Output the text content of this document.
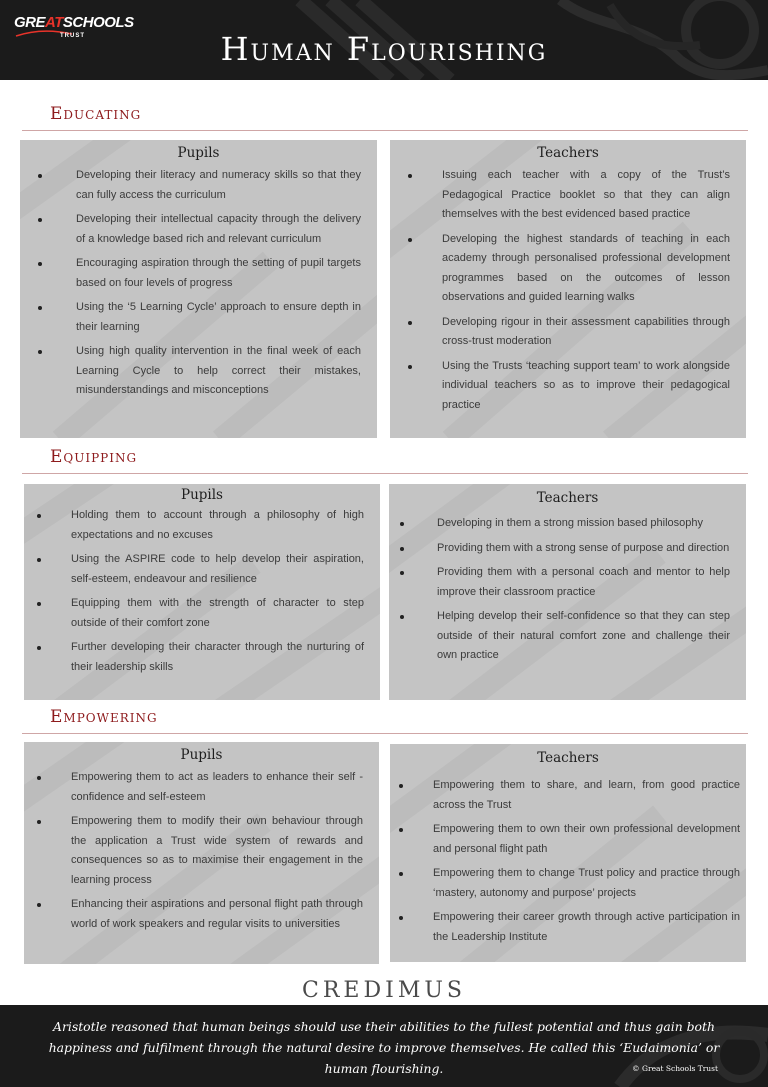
GREATSCHOOLS
TRUST	Human Flourishing
Educating
Pupils
Developing their literacy and numeracy skills so that they can fully access the curriculum
Developing their intellectual capacity through the delivery of a knowledge based rich and relevant curriculum
Encouraging aspiration through the setting of pupil targets based on four levels of progress
Using the ‘5 Learning Cycle’ approach to ensure depth in their learning
Using high quality intervention in the final week of each Learning Cycle to help correct their mistakes, misunderstandings and misconceptions
Teachers
Issuing each teacher with a copy of the Trust’s Pedagogical Practice booklet so that they can align themselves with the best evidenced based practice
Developing the highest standards of teaching in each academy through personalised professional development programmes based on the outcomes of lesson observations and guided learning walks
Developing rigour in their assessment capabilities through cross-trust moderation
Using the Trusts ‘teaching support team’ to work alongside individual teachers so as to improve their pedagogical practice
Equipping
Pupils
Holding them to account through a philosophy of high expectations and no excuses
Using the ASPIRE code to help develop their aspiration, self-esteem, endeavour and resilience
Equipping them with the strength of character to step outside of their comfort zone
Further developing their character through the nurturing of their leadership skills
Teachers
Developing in them a strong mission based philosophy
Providing them with a strong sense of purpose and direction
Providing them with a personal coach and mentor to help improve their classroom practice
Helping develop their self-confidence so that they can step outside of their natural comfort zone and challenge their own practice
Empowering
Pupils
Empowering them to act as leaders to enhance their self -confidence and self-esteem
Empowering them to modify their own behaviour through the application a Trust wide system of rewards and consequences so as to maximise their engagement in the learning process
Enhancing their aspirations and personal flight path through world of work speakers and regular visits to universities
Teachers
Empowering them to share, and learn, from good practice across the Trust
Empowering them to own their own professional development and personal flight path
Empowering them to change Trust policy and practice through ‘mastery, autonomy and purpose’ projects
Empowering their career growth through active participation in the Leadership Institute
CREDIMUS
Aristotle reasoned that human beings should use their abilities to the fullest potential and thus gain both happiness and fulfilment through the natural desire to improve themselves. He called this ‘Eudaimonia’ or human flourishing.	© Great Schools Trust
